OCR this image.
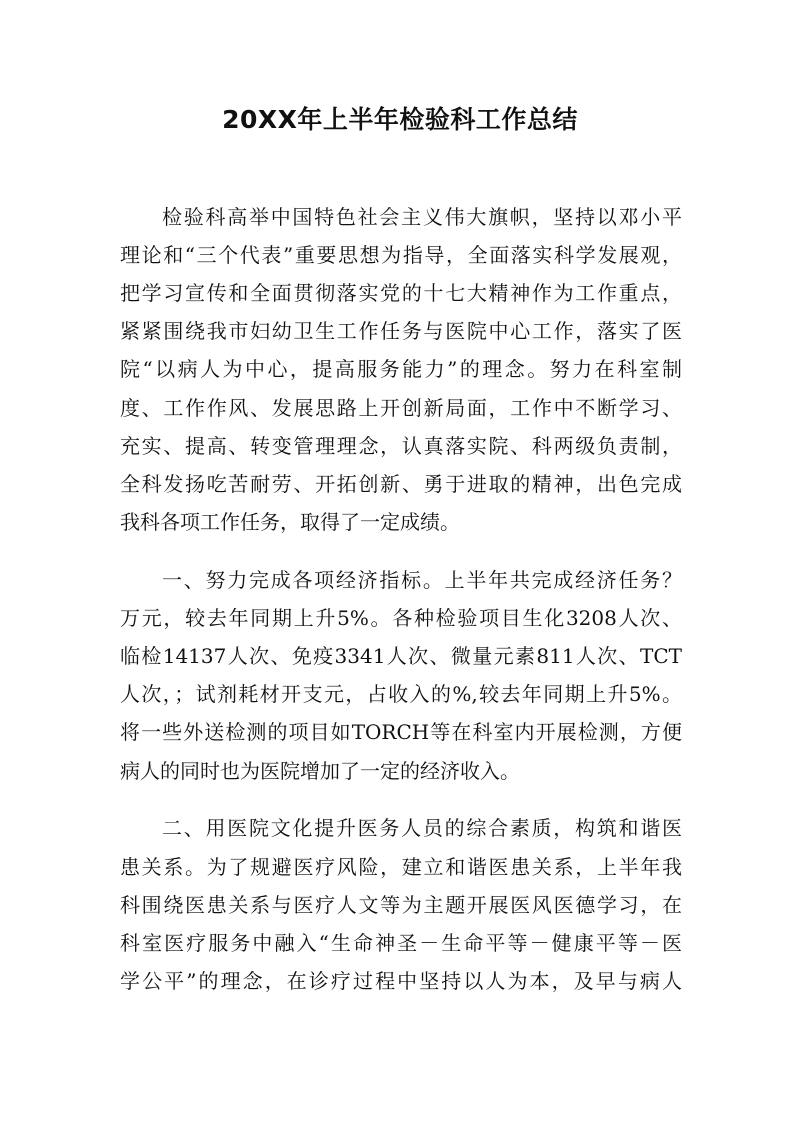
20XX年上半年检验科工作总结
检验科高举中国特色社会主义伟大旗帜，坚持以邓小平
理论和“三个代表”重要思想为指导，全面落实科学发展观，
把学习宣传和全面贯彻落实党的十七大精神作为工作重点，
紧紧围绕我市妇幼卫生工作任务与医院中心工作，落实了医
院“以病人为中心，提高服务能力”的理念。努力在科室制
度、工作作风、发展思路上开创新局面，工作中不断学习、
充实、提高、转变管理理念，认真落实院、科两级负责制，
全科发扬吃苦耐劳、开拓创新、勇于进取的精神，出色完成
我科各项工作任务，取得了一定成绩。
一、努力完成各项经济指标。上半年共完成经济任务？
万元，较去年同期上升5%。各种检验项目生化3208人次、
临检14137人次、免疫3341人次、微量元素811人次、TCT
人次，；试剂耗材开支元，占收入的%,较去年同期上升5%。
将一些外送检测的项目如TORCH等在科室内开展检测，方便
病人的同时也为医院增加了一定的经济收入。
二、用医院文化提升医务人员的综合素质，构筑和谐医
患关系。为了规避医疗风险，建立和谐医患关系，上半年我
科围绕医患关系与医疗人文等为主题开展医风医德学习，在
科室医疗服务中融入“生命神圣－生命平等－健康平等－医
学公平”的理念，在诊疗过程中坚持以人为本，及早与病人
